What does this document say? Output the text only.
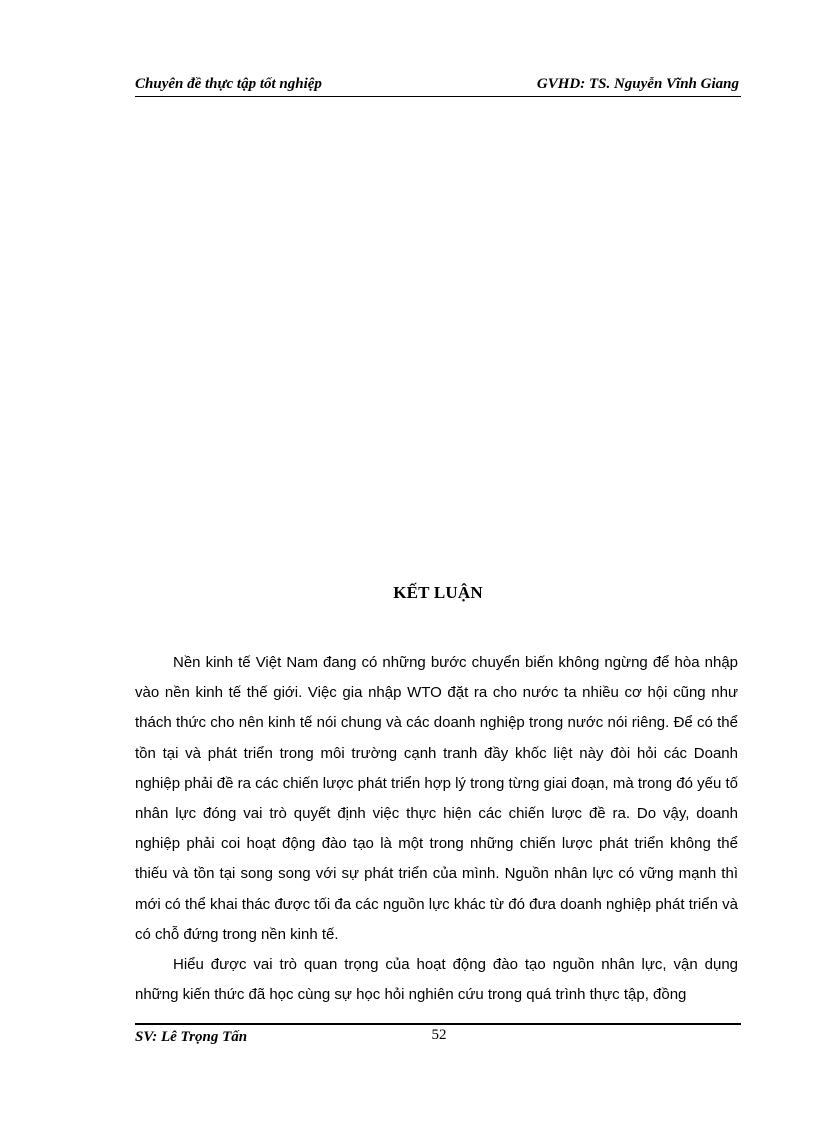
Chuyên đề thực tập tốt nghiệp	GVHD: TS. Nguyễn Vĩnh Giang
KẾT LUẬN

Nền kinh tế Việt Nam đang có những bước chuyển biến không ngừng để hòa nhập vào nền kinh tế thế giới. Việc gia nhập WTO đặt ra cho nước ta nhiều cơ hội cũng như thách thức cho nên kinh tế nói chung và các doanh nghiệp trong nước nói riêng. Để có thể tồn tại và phát triển trong môi trường cạnh tranh đầy khốc liệt này đòi hỏi các Doanh nghiệp phải đề ra các chiến lược phát triển hợp lý trong từng giai đoạn, mà trong đó yếu tố nhân lực đóng vai trò quyết định việc thực hiện các chiến lược đề ra. Do vậy, doanh nghiệp phải coi hoạt động đào tạo là một trong những chiến lược phát triển không thể thiếu và tồn tại song song với sự phát triển của mình. Nguồn nhân lực có vững mạnh thì mới có thể khai thác được tối đa các nguồn lực khác từ đó đưa doanh nghiệp phát triển và có chỗ đứng trong nền kinh tế.

Hiểu được vai trò quan trọng của hoạt động đào tạo nguồn nhân lực, vận dụng những kiến thức đã học cùng sự học hỏi nghiên cứu trong quá trình thực tập, đồng

SV: Lê Trọng Tấn	52
